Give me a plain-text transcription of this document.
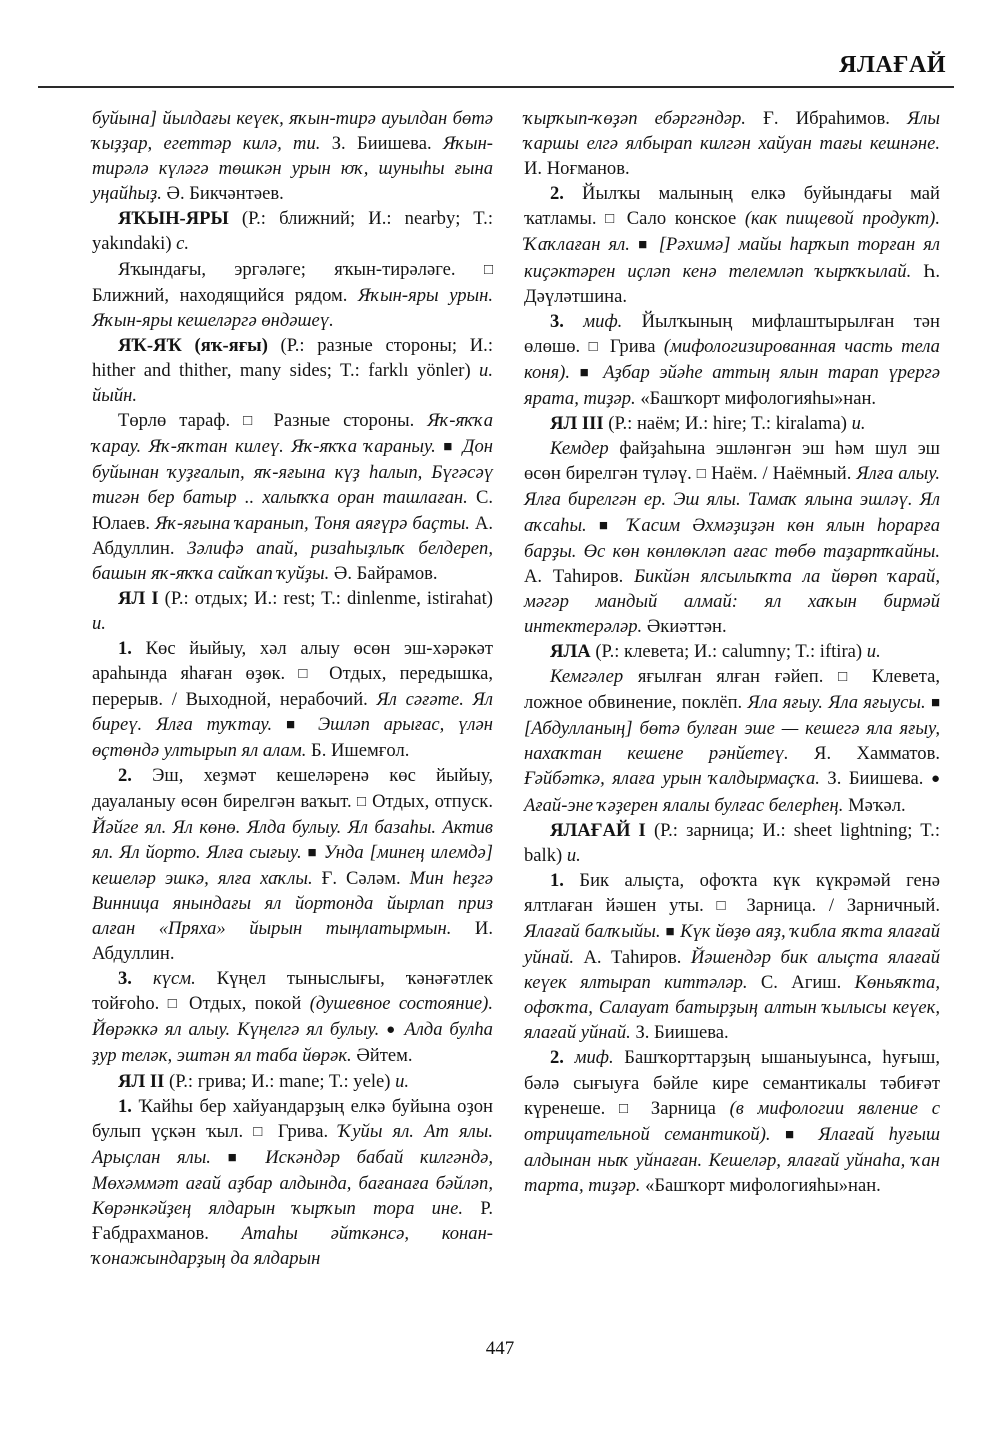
ЯЛАҒАЙ

буйына] йылдағы кеүек, яҡын-тирә ауылдан бөтә ҡыҙҙар, егеттәр килә, ти. З. Биишева. Яҡын-тирәлә күләгә төшкән урын юҡ, шуныһы ғына уңайһыҙ. Ә. Бикчәнтәев.

ЯҠЫН-ЯРЫ (Р.: ближний; И.: nearby; T.: yakındaki) с.

Яҡындағы, эргәләге; яҡын-тирәләге. □ Ближний, находящийся рядом. Яҡын-яры урын. Яҡын-яры кешеләргә өндәшеү.

ЯҠ-ЯҠ (яҡ-яғы) (Р.: разные стороны; И.: hither and thither, many sides; T.: farklı yönler) и. йыйн.

Төрлө тараф. □ Разные стороны. Яҡ-яҡҡа ҡарау. Яҡ-яҡтан килеү. Яҡ-яҡҡа ҡараныу. ■ Дон буйынан ҡуҙғалып, яҡ-яғына күҙ һалып, Бүгәсәү тигән бер батыр .. халыҡҡа оран ташлаған. С. Юлаев. Яҡ-яғына ҡаранып, Тоня аяғүрә баҫты. А. Абдуллин. Зәлифә апай, ризаһыҙлыҡ белдереп, башын яҡ-яҡҡа сайҡап ҡуйҙы. Ә. Байрамов.

ЯЛ I (Р.: отдых; И.: rest; T.: dinlenme, istirahat) и.

1. Көс йыйыу, хәл алыу өсөн эш-хәрәкәт араһында яһаған өҙөк. □ Отдых, передышка, перерыв. / Выходной, нерабочий. Ял сәғәте. Ял биреү. Ялға туҡтау. ■ Эшләп арығас, үлән өҫтөндә ултырып ял алам. Б. Ишемғол.

2. Эш, хеҙмәт кешеләренә көс йыйыу, дауаланыу өсөн бирелгән ваҡыт. □ Отдых, отпуск. Йәйге ял. Ял көнө. Ялда булыу. Ял базаһы. Актив ял. Ял йорто. Ялға сығыу. ■ Унда [минең илемдә] кешеләр эшкә, ялға хаҡлы. Ғ. Сәләм. Мин һеҙгә Винница янындағы ял йортонда йырлап приз алған «Пряха» йырын тыңлатырмын. И. Абдуллин.

3. күсм. Күңел тыныслығы, ҡәнәғәтлек тойғоһо. □ Отдых, покой (душевное состояние). Йөрәккә ял алыу. Күңелгә ял булыу. ● Алда булһа ҙур теләк, эштән ял таба йөрәк. Әйтем.

ЯЛ II (Р.: грива; И.: mane; T.: yele) и.

1. Ҡайһы бер хайуандарҙың елкә буйына оҙон булып үҫкән ҡыл. □ Грива. Ҡуйы ял. Ат ялы. Арыҫлан ялы. ■ Искәндәр бабай килгәндә, Мөхәммәт ағай аҙбар алдында, бағанаға бәйләп, Көрәнкәйҙең ялдарын ҡырҡып тора ине. Р. Ғабдрахманов. Атаһы әйткәнсә, конан-ҡонажындарҙың да ялдарын

ҡырҡып-ҡөҙәп ебәргәндәр. Ғ. Ибраһимов. Ялы ҡаршы елгә ялбырап килгән хайуан тағы кешнәне. И. Ноғманов.

2. Йылҡы малының елкә буйындағы май ҡатламы. □ Сало конское (как пищевой продукт). Ҡаҡлаған ял. ■ [Рәхимә] майы һарҡып торған ял киҫәктәрен иҫләп кенә телемләп ҡырҡҡылай. Һ. Дәүләтшина.

3. миф. Йылҡының мифлаштырылған тән өлөшө. □ Грива (мифологизированная часть тела коня). ■ Аҙбар эйәһе аттың ялын тарап үрергә ярата, тиҙәр. «Башҡорт мифологияһы»нан.

ЯЛ III (Р.: наём; И.: hire; T.: kiralama) и.

Кемдер файҙаһына эшләнгән эш һәм шул эш өсөн бирелгән түләү. □ Наём. / Наёмный. Ялға алыу. Ялға бирелгән ер. Эш ялы. Тамаҡ ялына эшләү. Ял аҡсаһы. ■ Ҡасим Әхмәҙиҙән көн ялын һорарға барҙы. Өс көн көнлөкләп ағас төбө таҙартҡайны. А. Таһиров. Бикйән ялсылыҡта ла йөрөп ҡарай, мәгәр мандый алмай: ял хаҡын бирмәй интектерәләр. Әкиәттән.

ЯЛА (Р.: клевета; И.: calumny; T.: iftira) и.

Кемгәлер яғылған ялған ғәйеп. □ Клевета, ложное обвинение, поклёп. Яла яғыу. Яла яғыусы. ■ [Абдулланың] бөтә булған эше — кешегә яла яғыу, нахаҡтан кешене рәнйетеү. Я. Хамматов. Ғәйбәткә, ялаға урын ҡалдырмаҫҡа. З. Биишева. ● Ағай-эне ҡәҙерен ялалы булғас белерһең. Мәҡәл.

ЯЛАҒАЙ I (Р.: зарница; И.: sheet lightning; T.: balk) и.

1. Бик алыҫта, офоҡта күк күкрәмәй генә ялтлаған йәшен уты. □ Зарница. / Зарничный. Ялағай балҡыйы. ■ Күк йөҙө аяҙ, ҡибла яҡта ялағай уйнай. А. Таһиров. Йәшендәр бик алыҫта ялағай кеүек ялтырап киттәләр. С. Агиш. Көньяҡта, офоҡта, Салауат батырҙың алтын ҡылысы кеүек, ялағай уйнай. З. Биишева.

2. миф. Башҡорттарҙың ышаныуынса, һуғыш, бәлә сығыуға бәйле кире семантикалы тәбиғәт күренеше. □ Зарница (в мифологии явление с отрицательной семантикой). ■ Ялағай һуғыш алдынан ныҡ уйнаған. Кешеләр, ялағай уйнаһа, ҡан тарта, тиҙәр. «Башҡорт мифологияһы»нан.

447
